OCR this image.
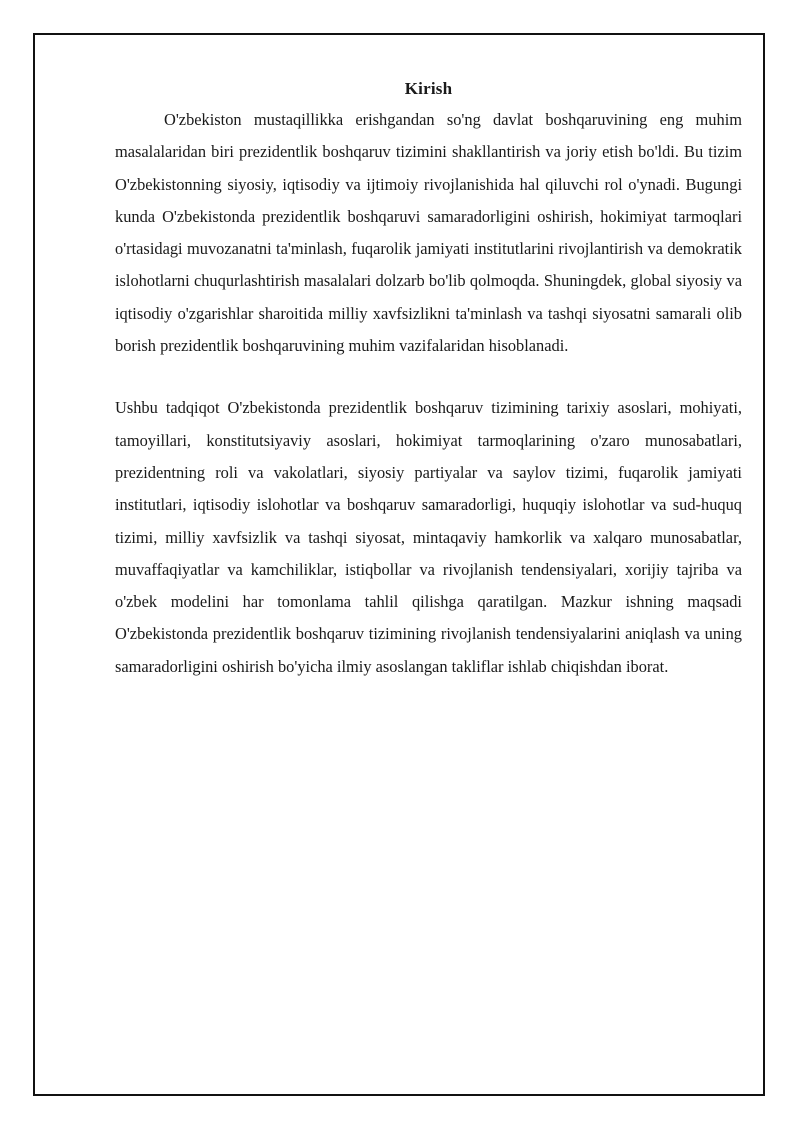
Kirish

O'zbekiston mustaqillikka erishgandan so'ng davlat boshqaruvining eng muhim masalalaridan biri prezidentlik boshqaruv tizimini shakllantirish va joriy etish bo'ldi. Bu tizim O'zbekistonning siyosiy, iqtisodiy va ijtimoiy rivojlanishida hal qiluvchi rol o'ynadi. Bugungi kunda O'zbekistonda prezidentlik boshqaruvi samaradorligini oshirish, hokimiyat tarmoqlari o'rtasidagi muvozanatni ta'minlash, fuqarolik jamiyati institutlarini rivojlantirish va demokratik islohotlarni chuqurlashtirish masalalari dolzarb bo'lib qolmoqda. Shuningdek, global siyosiy va iqtisodiy o'zgarishlar sharoitida milliy xavfsizlikni ta'minlash va tashqi siyosatni samarali olib borish prezidentlik boshqaruvining muhim vazifalaridan hisoblanadi.

Ushbu tadqiqot O'zbekistonda prezidentlik boshqaruv tizimining tarixiy asoslari, mohiyati, tamoyillari, konstitutsiyaviy asoslari, hokimiyat tarmoqlarining o'zaro munosabatlari, prezidentning roli va vakolatlari, siyosiy partiyalar va saylov tizimi, fuqarolik jamiyati institutlari, iqtisodiy islohotlar va boshqaruv samaradorligi, huquqiy islohotlar va sud-huquq tizimi, milliy xavfsizlik va tashqi siyosat, mintaqaviy hamkorlik va xalqaro munosabatlar, muvaffaqiyatlar va kamchiliklar, istiqbollar va rivojlanish tendensiyalari, xorijiy tajriba va o'zbek modelini har tomonlama tahlil qilishga qaratilgan. Mazkur ishning maqsadi O'zbekistonda prezidentlik boshqaruv tizimining rivojlanish tendensiyalarini aniqlash va uning samaradorligini oshirish bo'yicha ilmiy asoslangan takliflar ishlab chiqishdan iborat.
